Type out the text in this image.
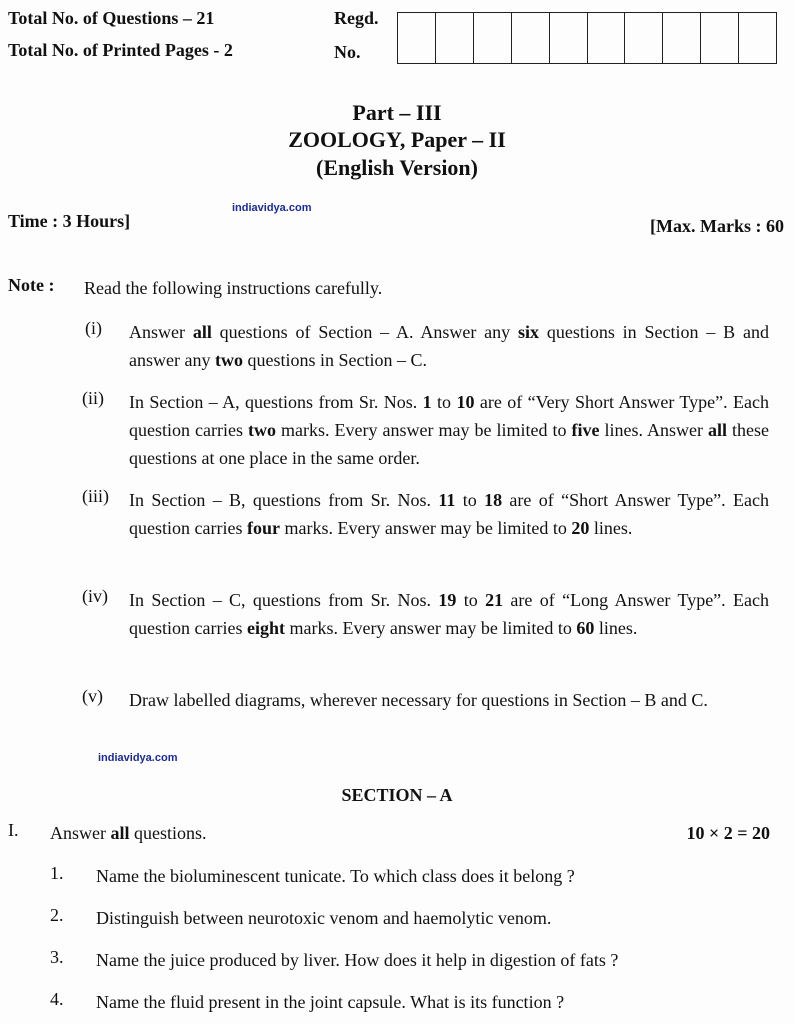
Total No. of Questions – 21
Total No. of Printed Pages - 2
Regd.
No.
Part – III
ZOOLOGY, Paper – II
(English Version)
indiavidya.com
Time : 3 Hours]	[Max. Marks : 60
Note : Read the following instructions carefully.
(i) Answer all questions of Section – A. Answer any six questions in Section – B and answer any two questions in Section – C.
(ii) In Section – A, questions from Sr. Nos. 1 to 10 are of “Very Short Answer Type”. Each question carries two marks. Every answer may be limited to five lines. Answer all these questions at one place in the same order.
(iii) In Section – B, questions from Sr. Nos. 11 to 18 are of “Short Answer Type”. Each question carries four marks. Every answer may be limited to 20 lines.
(iv) In Section – C, questions from Sr. Nos. 19 to 21 are of “Long Answer Type”. Each question carries eight marks. Every answer may be limited to 60 lines.
(v) Draw labelled diagrams, wherever necessary for questions in Section – B and C.
indiavidya.com
SECTION – A
I. Answer all questions.	10 × 2 = 20
1. Name the bioluminescent tunicate. To which class does it belong ?
2. Distinguish between neurotoxic venom and haemolytic venom.
3. Name the juice produced by liver. How does it help in digestion of fats ?
4. Name the fluid present in the joint capsule. What is its function ?
